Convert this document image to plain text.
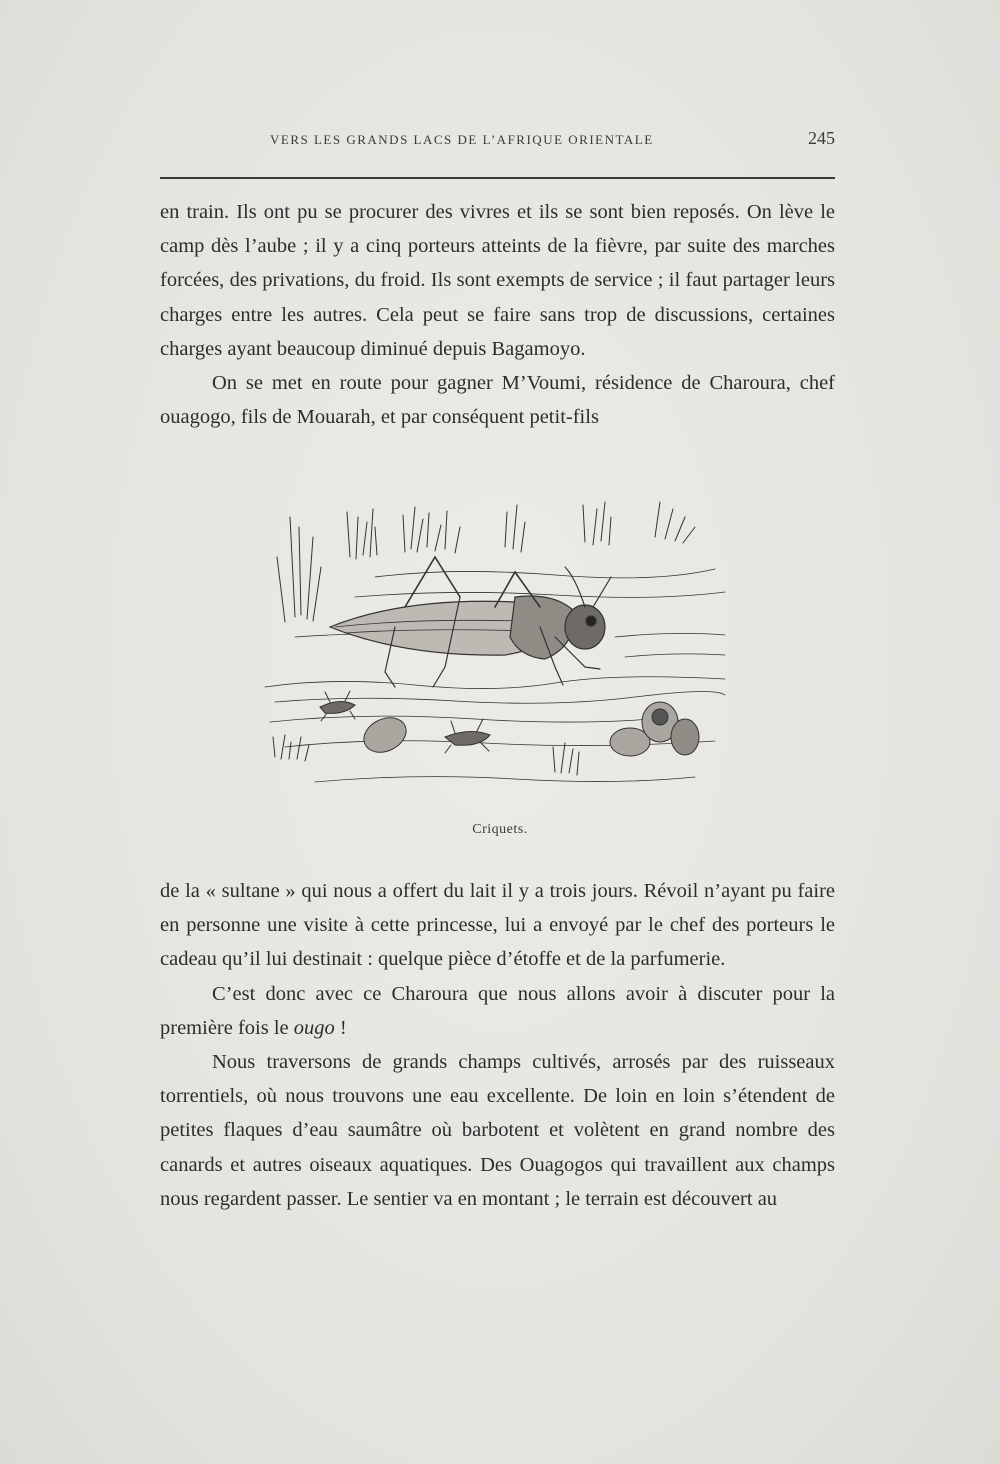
VERS LES GRANDS LACS DE L’AFRIQUE ORIENTALE	245

en train. Ils ont pu se procurer des vivres et ils se sont bien reposés. On lève le camp dès l’aube ; il y a cinq porteurs atteints de la fièvre, par suite des marches forcées, des privations, du froid. Ils sont exempts de service ; il faut partager leurs charges entre les autres. Cela peut se faire sans trop de discussions, certaines charges ayant beaucoup diminué depuis Bagamoyo.

On se met en route pour gagner M’Voumi, résidence de Charoura, chef ouagogo, fils de Mouarah, et par conséquent petit-fils

Criquets.

de la « sultane » qui nous a offert du lait il y a trois jours. Révoil n’ayant pu faire en personne une visite à cette princesse, lui a envoyé par le chef des porteurs le cadeau qu’il lui destinait : quelque pièce d’étoffe et de la parfumerie.

C’est donc avec ce Charoura que nous allons avoir à discuter pour la première fois le ougo !

Nous traversons de grands champs cultivés, arrosés par des ruisseaux torrentiels, où nous trouvons une eau excellente. De loin en loin s’étendent de petites flaques d’eau saumâtre où barbotent et volètent en grand nombre des canards et autres oiseaux aquatiques. Des Ouagogos qui travaillent aux champs nous regardent passer. Le sentier va en montant ; le terrain est découvert au
